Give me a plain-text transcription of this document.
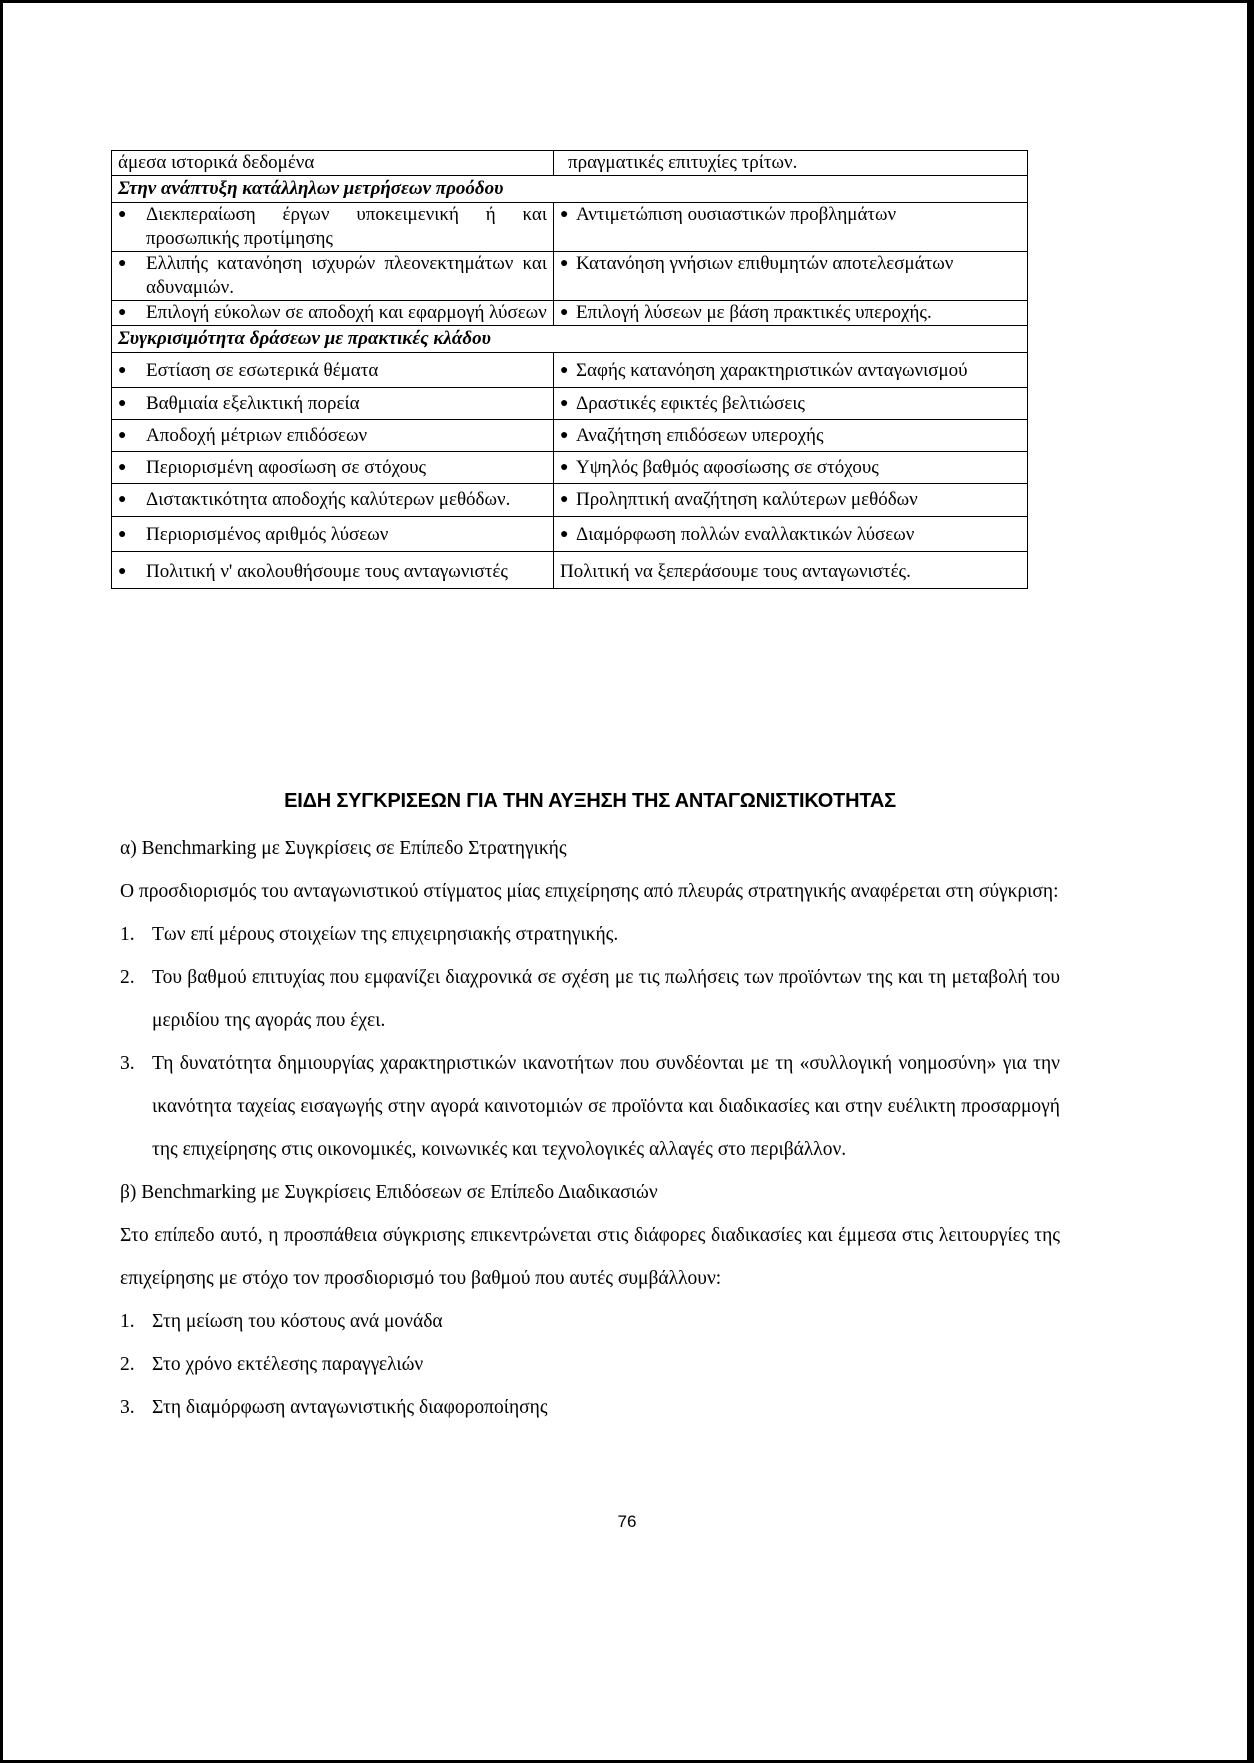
άμεσα ιστορικά δεδομένα	πραγματικές επιτυχίες τρίτων.
Στην ανάπτυξη κατάλληλων μετρήσεων προόδου	

● Διεκπεραίωση έργων υποκειμενική ή και προσωπικής προτίμησης	● Αντιμετώπιση ουσιαστικών προβλημάτων

● Ελλιπής κατανόηση ισχυρών πλεονεκτημάτων και αδυναμιών.	● Κατανόηση γνήσιων επιθυμητών αποτελεσμάτων

● Επιλογή εύκολων σε αποδοχή και εφαρμογή λύσεων	● Επιλογή λύσεων με βάση πρακτικές υπεροχής.

Συγκρισιμότητα δράσεων με πρακτικές κλάδου	

● Εστίαση σε εσωτερικά θέματα	● Σαφής κατανόηση χαρακτηριστικών ανταγωνισμού

● Βαθμιαία εξελικτική πορεία	● Δραστικές εφικτές βελτιώσεις

● Αποδοχή μέτριων επιδόσεων	● Αναζήτηση επιδόσεων υπεροχής

● Περιορισμένη αφοσίωση σε στόχους	● Υψηλός βαθμός αφοσίωσης σε στόχους

● Διστακτικότητα αποδοχής καλύτερων μεθόδων.	● Προληπτική αναζήτηση καλύτερων μεθόδων

● Περιορισμένος αριθμός λύσεων	● Διαμόρφωση πολλών εναλλακτικών λύσεων

● Πολιτική ν' ακολουθήσουμε τους ανταγωνιστές	Πολιτική να ξεπεράσουμε τους ανταγωνιστές.
ΕΙΔΗ ΣΥΓΚΡΙΣΕΩΝ ΓΙΑ ΤΗΝ ΑΥΞΗΣΗ ΤΗΣ ΑΝΤΑΓΩΝΙΣΤΙΚΟΤΗΤΑΣ

α) Benchmarking με Συγκρίσεις σε Επίπεδο Στρατηγικής

Ο προσδιορισμός του ανταγωνιστικού στίγματος μίας επιχείρησης από πλευράς στρατηγικής αναφέρεται στη σύγκριση:

1. Των επί μέρους στοιχείων της επιχειρησιακής στρατηγικής.
2. Του βαθμού επιτυχίας που εμφανίζει διαχρονικά σε σχέση με τις πωλήσεις των προϊόντων της και τη μεταβολή του μεριδίου της αγοράς που έχει.
3. Τη δυνατότητα δημιουργίας χαρακτηριστικών ικανοτήτων που συνδέονται με τη «συλλογική νοημοσύνη» για την ικανότητα ταχείας εισαγωγής στην αγορά καινοτομιών σε προϊόντα και διαδικασίες και στην ευέλικτη προσαρμογή της επιχείρησης στις οικονομικές, κοινωνικές και τεχνολογικές αλλαγές στο περιβάλλον.

β) Benchmarking με Συγκρίσεις Επιδόσεων σε Επίπεδο Διαδικασιών

Στο επίπεδο αυτό, η προσπάθεια σύγκρισης επικεντρώνεται στις διάφορες διαδικασίες και έμμεσα στις λειτουργίες της επιχείρησης με στόχο τον προσδιορισμό του βαθμού που αυτές συμβάλλουν:

1. Στη μείωση του κόστους ανά μονάδα
2. Στο χρόνο εκτέλεσης παραγγελιών
3. Στη διαμόρφωση ανταγωνιστικής διαφοροποίησης
76
